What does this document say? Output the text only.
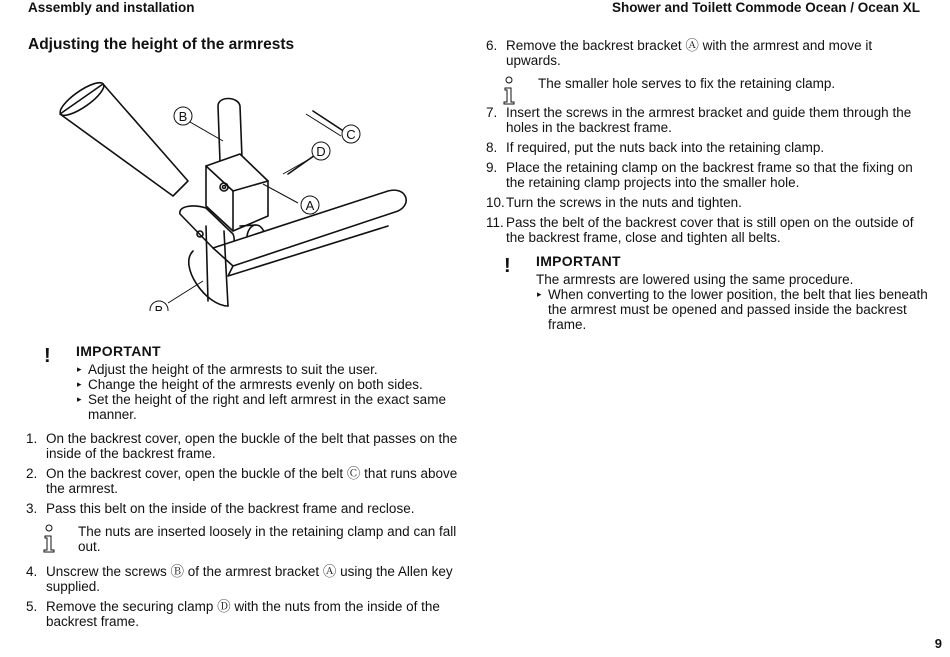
Assembly and installation	Shower and Toilett Commode Ocean / Ocean XL
Adjusting the height of the armrests
B
C
D
A
B
! IMPORTANT
▸ Adjust the height of the armrests to suit the user.
▸ Change the height of the armrests evenly on both sides.
▸ Set the height of the right and left armrest in the exact same manner.
1. On the backrest cover, open the buckle of the belt that passes on the inside of the backrest frame.
2. On the backrest cover, open the buckle of the belt Ⓒ that runs above the armrest.
3. Pass this belt on the inside of the backrest frame and reclose.
The nuts are inserted loosely in the retaining clamp and can fall out.
4. Unscrew the screws Ⓑ of the armrest bracket Ⓐ using the Allen key supplied.
5. Remove the securing clamp Ⓓ with the nuts from the inside of the backrest frame.
6. Remove the backrest bracket Ⓐ with the armrest and move it upwards.
The smaller hole serves to fix the retaining clamp.
7. Insert the screws in the armrest bracket and guide them through the holes in the backrest frame.
8. If required, put the nuts back into the retaining clamp.
9. Place the retaining clamp on the backrest frame so that the fixing on the retaining clamp projects into the smaller hole.
10. Turn the screws in the nuts and tighten.
11. Pass the belt of the backrest cover that is still open on the outside of the backrest frame, close and tighten all belts.
! IMPORTANT
The armrests are lowered using the same procedure.
▸ When converting to the lower position, the belt that lies beneath the armrest must be opened and passed inside the backrest frame.
9
